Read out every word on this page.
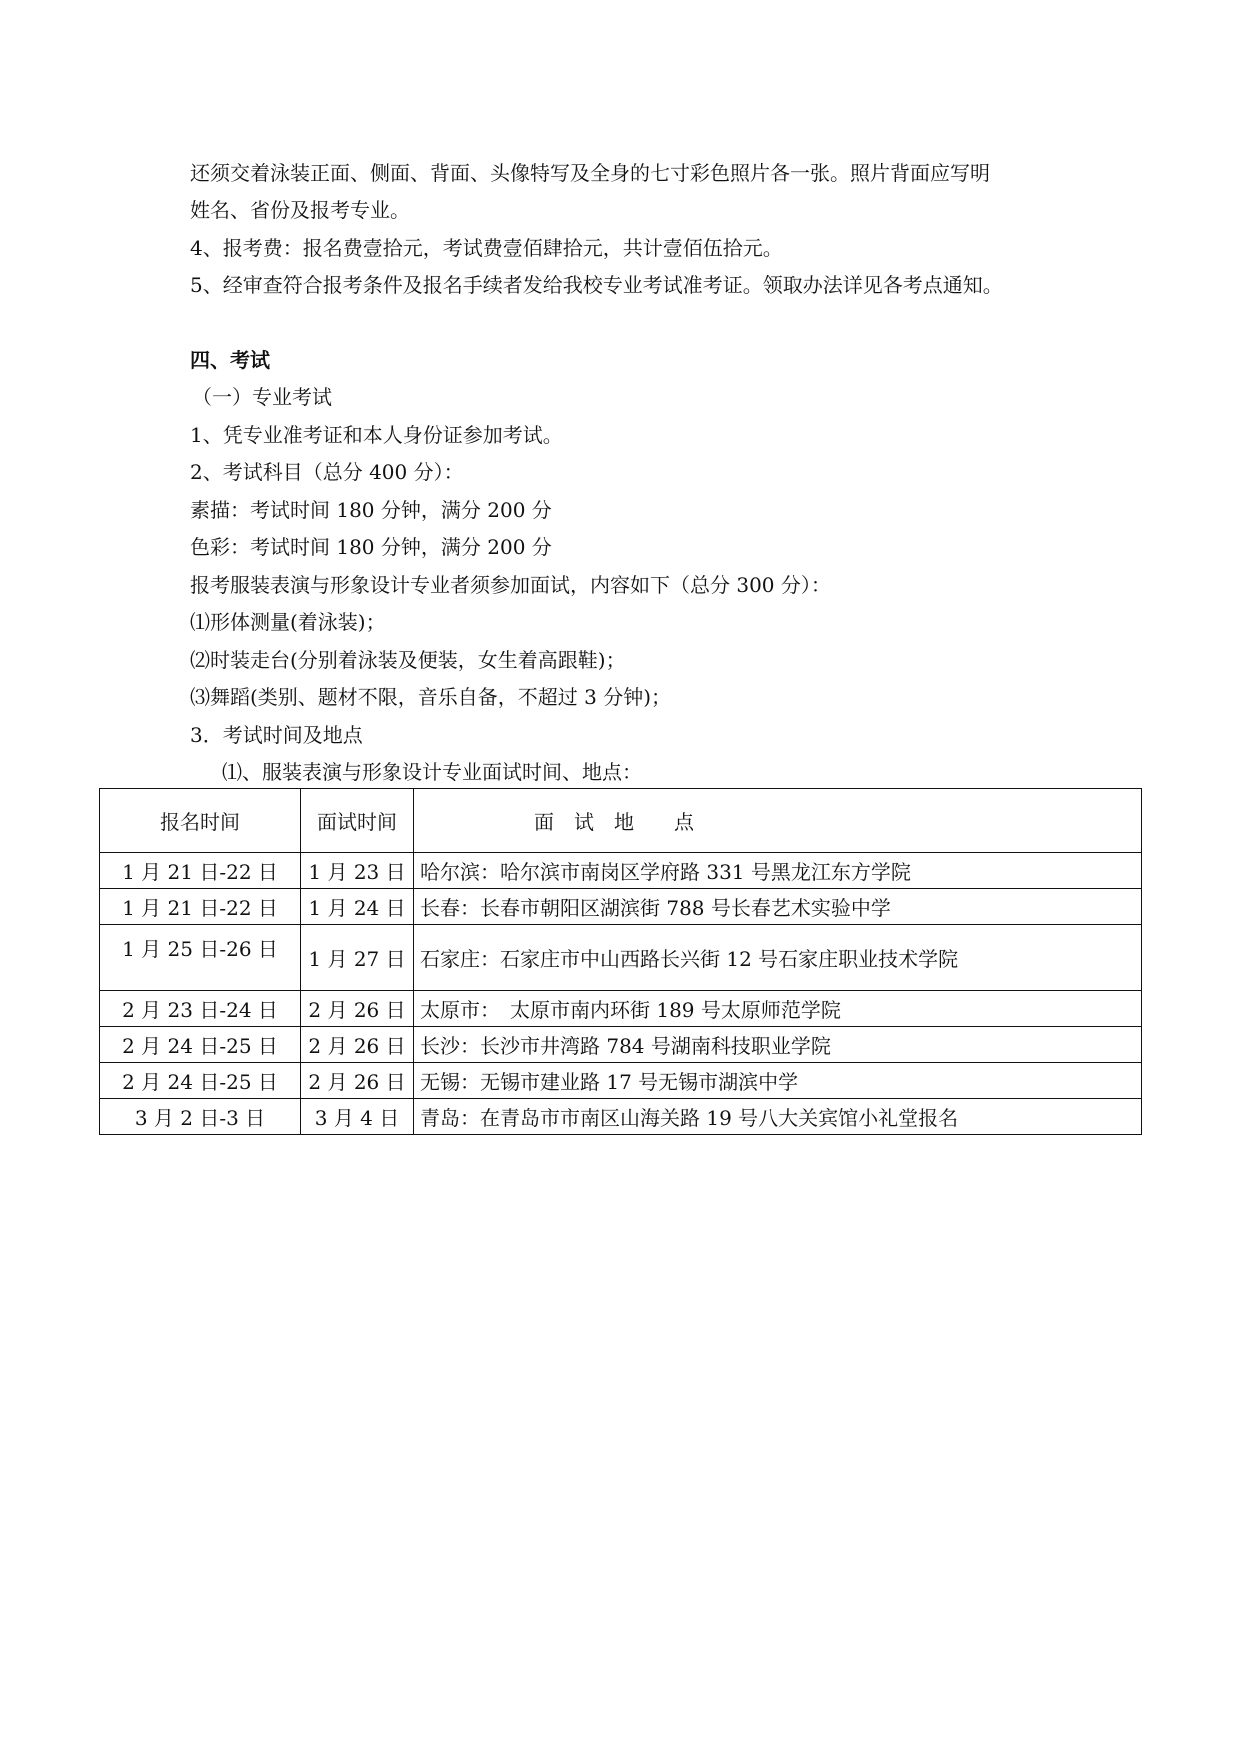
还须交着泳装正面、侧面、背面、头像特写及全身的七寸彩色照片各一张。照片背面应写明
姓名、省份及报考专业。
4、报考费：报名费壹拾元，考试费壹佰肆拾元，共计壹佰伍拾元。
5、经审查符合报考条件及报名手续者发给我校专业考试准考证。领取办法详见各考点通知。
四、考试
（一）专业考试
1、凭专业准考证和本人身份证参加考试。
2、考试科目（总分 400 分）：
素描：考试时间 180 分钟，满分 200 分
色彩：考试时间 180 分钟，满分 200 分
报考服装表演与形象设计专业者须参加面试，内容如下（总分 300 分）：
⑴形体测量(着泳装)；
⑵时装走台(分别着泳装及便装，女生着高跟鞋)；
⑶舞蹈(类别、题材不限，音乐自备，不超过 3 分钟)；
3．考试时间及地点
⑴、服装表演与形象设计专业面试时间、地点：
报名时间	面试时间	面　试　地　　点
1 月 21 日-22 日	1 月 23 日	哈尔滨：哈尔滨市南岗区学府路 331 号黑龙江东方学院
1 月 21 日-22 日	1 月 24 日	长春：长春市朝阳区湖滨街 788 号长春艺术实验中学
1 月 25 日-26 日	1 月 27 日	石家庄：石家庄市中山西路长兴街 12 号石家庄职业技术学院
2 月 23 日-24 日	2 月 26 日	太原市：　太原市南内环街 189 号太原师范学院
2 月 24 日-25 日	2 月 26 日	长沙：长沙市井湾路 784 号湖南科技职业学院
2 月 24 日-25 日	2 月 26 日	无锡：无锡市建业路 17 号无锡市湖滨中学
3 月 2 日-3 日	3 月 4 日	青岛：在青岛市市南区山海关路 19 号八大关宾馆小礼堂报名
